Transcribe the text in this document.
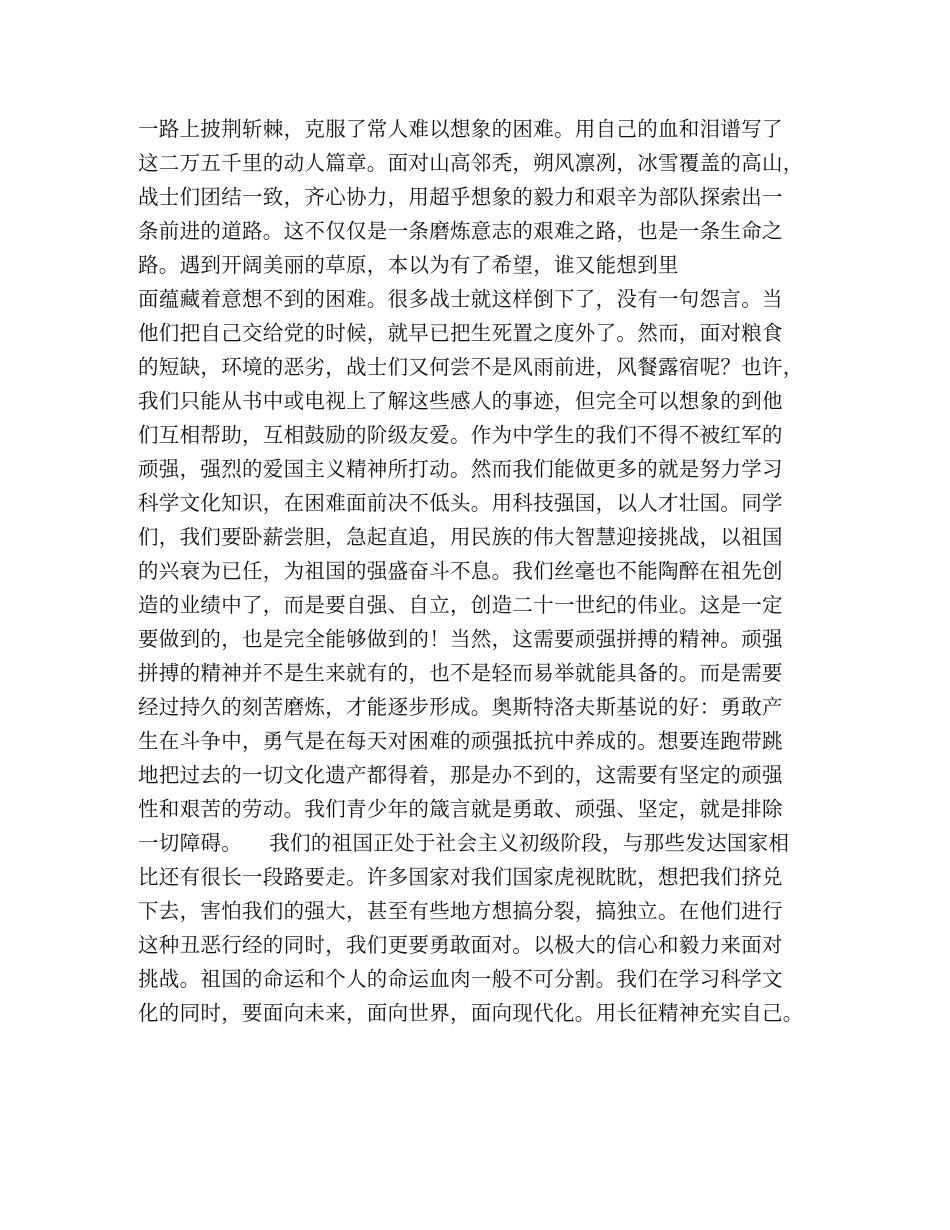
一路上披荆斩棘，克服了常人难以想象的困难。用自己的血和泪谱写了
这二万五千里的动人篇章。面对山高邻秃，朔风凛冽，冰雪覆盖的高山，
战士们团结一致，齐心协力，用超乎想象的毅力和艰辛为部队探索出一
条前进的道路。这不仅仅是一条磨炼意志的艰难之路，也是一条生命之
路。遇到开阔美丽的草原，本以为有了希望，谁又能想到里
面蕴藏着意想不到的困难。很多战士就这样倒下了，没有一句怨言。当
他们把自己交给党的时候，就早已把生死置之度外了。然而，面对粮食
的短缺，环境的恶劣，战士们又何尝不是风雨前进，风餐露宿呢？也许，
我们只能从书中或电视上了解这些感人的事迹，但完全可以想象的到他
们互相帮助，互相鼓励的阶级友爱。作为中学生的我们不得不被红军的
顽强，强烈的爱国主义精神所打动。然而我们能做更多的就是努力学习
科学文化知识，在困难面前决不低头。用科技强国，以人才壮国。同学
们，我们要卧薪尝胆，急起直追，用民族的伟大智慧迎接挑战，以祖国
的兴衰为已任，为祖国的强盛奋斗不息。我们丝毫也不能陶醉在祖先创
造的业绩中了，而是要自强、自立，创造二十一世纪的伟业。这是一定
要做到的，也是完全能够做到的！当然，这需要顽强拼搏的精神。顽强
拼搏的精神并不是生来就有的，也不是轻而易举就能具备的。而是需要
经过持久的刻苦磨炼，才能逐步形成。奥斯特洛夫斯基说的好：勇敢产
生在斗争中，勇气是在每天对困难的顽强抵抗中养成的。想要连跑带跳
地把过去的一切文化遗产都得着，那是办不到的，这需要有坚定的顽强
性和艰苦的劳动。我们青少年的箴言就是勇敢、顽强、坚定，就是排除
一切障碍。    我们的祖国正处于社会主义初级阶段，与那些发达国家相
比还有很长一段路要走。许多国家对我们国家虎视眈眈，想把我们挤兑
下去，害怕我们的强大，甚至有些地方想搞分裂，搞独立。在他们进行
这种丑恶行经的同时，我们更要勇敢面对。以极大的信心和毅力来面对
挑战。祖国的命运和个人的命运血肉一般不可分割。我们在学习科学文
化的同时，要面向未来，面向世界，面向现代化。用长征精神充实自己。
